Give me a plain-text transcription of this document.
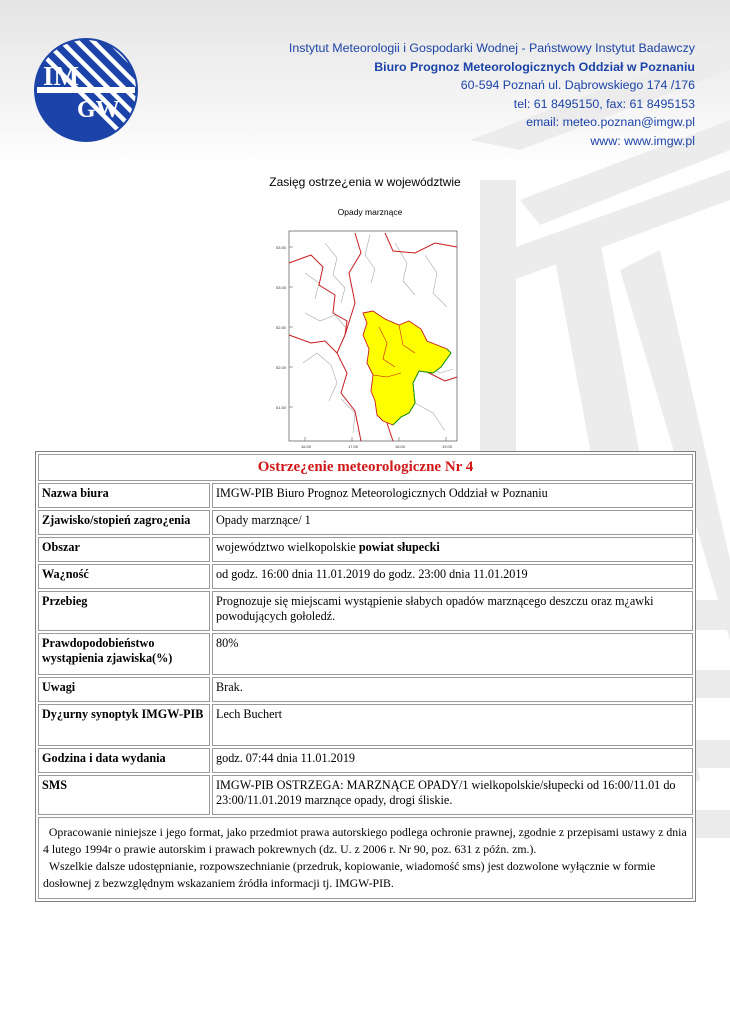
IM
GW
Instytut Meteorologii i Gospodarki Wodnej - Państwowy Instytut Badawczy
Biuro Prognoz Meteorologicznych Oddział w Poznaniu
60-594 Poznań ul. Dąbrowskiego 174 /176
tel: 61 8495150, fax: 61 8495153
email: meteo.poznan@imgw.pl
www: www.imgw.pl
Zasięg ostrze¿enia w województwie
53.50
53.00
52.50
52.00
51.50
16.00	17.00	18.00	19.00
Opady marznące
Ostrze¿enie meteorologiczne Nr 4	
Nazwa biura	IMGW-PIB Biuro Prognoz Meteorologicznych Oddział w Poznaniu
Zjawisko/stopień zagro¿enia	Opady marznące/ 1
Obszar	województwo wielkopolskie powiat słupecki
Wa¿ność	od godz. 16:00 dnia 11.01.2019 do godz. 23:00 dnia 11.01.2019
Przebieg	Prognozuje się miejscami wystąpienie słabych opadów marznącego deszczu oraz m¿awki powodujących gołoledź.
Prawdopodobieństwo wystąpienia zjawiska(%)	80%
Uwagi	Brak.
Dy¿urny synoptyk IMGW-PIB	Lech Buchert
Godzina i data wydania	godz. 07:44 dnia 11.01.2019
SMS	IMGW-PIB OSTRZEGA: MARZNĄCE OPADY/1 wielkopolskie/słupecki od 16:00/11.01 do 23:00/11.01.2019 marznące opady, drogi śliskie.

Opracowanie niniejsze i jego format, jako przedmiot prawa autorskiego podlega ochronie prawnej, zgodnie z przepisami ustawy z dnia 4 lutego 1994r o prawie autorskim i prawach pokrewnych (dz. U. z 2006 r. Nr 90, poz. 631 z późn. zm.).
Wszelkie dalsze udostępnianie, rozpowszechnianie (przedruk, kopiowanie, wiadomość sms) jest dozwolone wyłącznie w formie dosłownej z bezwzględnym wskazaniem źródła informacji tj. IMGW-PIB.	
